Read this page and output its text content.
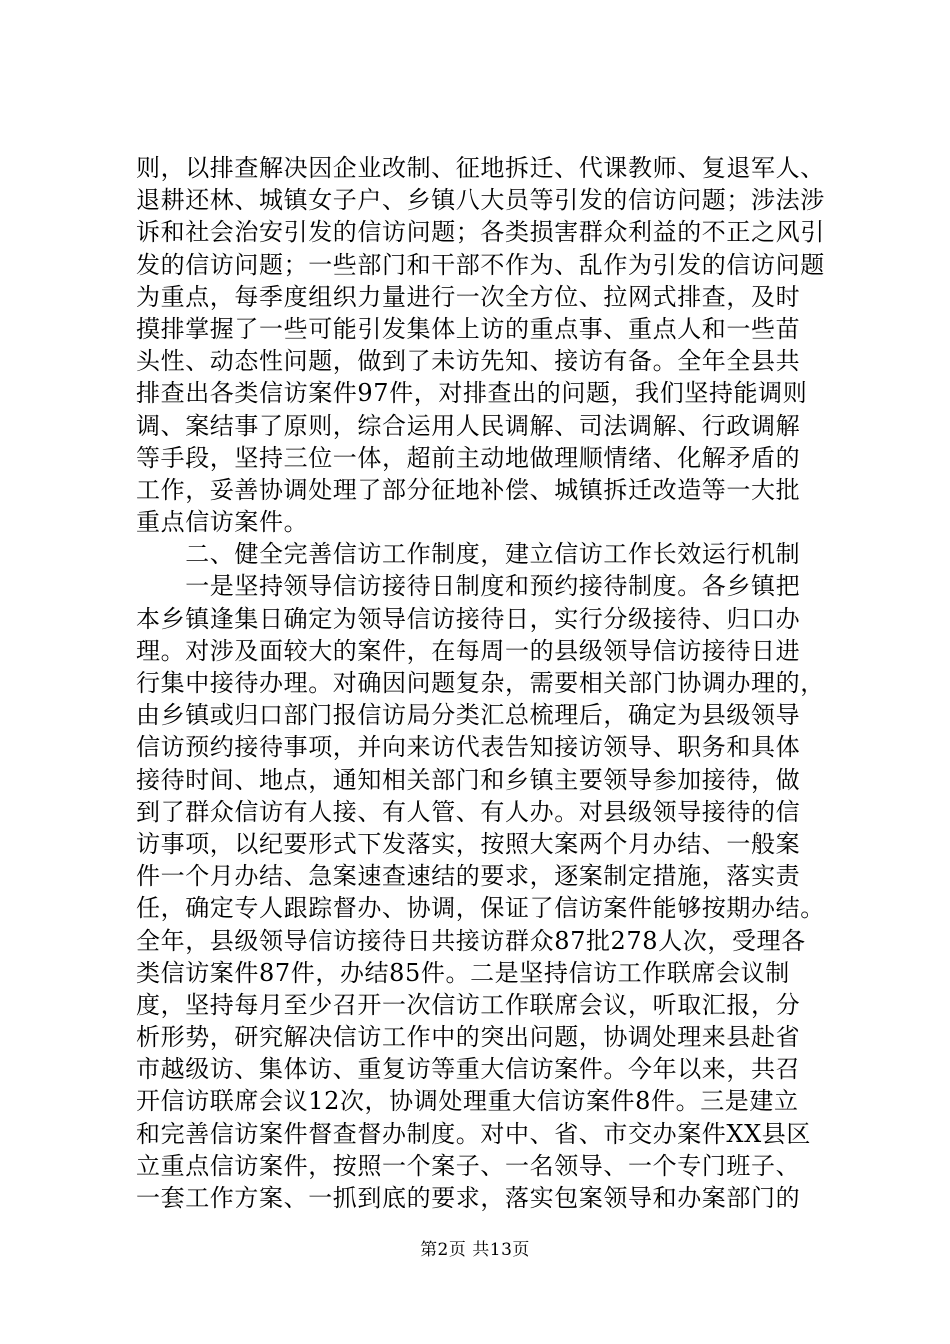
则，以排查解决因企业改制、征地拆迁、代课教师、复退军人、
退耕还林、城镇女子户、乡镇八大员等引发的信访问题；涉法涉
诉和社会治安引发的信访问题；各类损害群众利益的不正之风引
发的信访问题；一些部门和干部不作为、乱作为引发的信访问题
为重点，每季度组织力量进行一次全方位、拉网式排查，及时
摸排掌握了一些可能引发集体上访的重点事、重点人和一些苗
头性、动态性问题，做到了未访先知、接访有备。全年全县共
排查出各类信访案件97件，对排查出的问题，我们坚持能调则
调、案结事了原则，综合运用人民调解、司法调解、行政调解
等手段，坚持三位一体，超前主动地做理顺情绪、化解矛盾的
工作，妥善协调处理了部分征地补偿、城镇拆迁改造等一大批
重点信访案件。
　　二、健全完善信访工作制度，建立信访工作长效运行机制
　　一是坚持领导信访接待日制度和预约接待制度。各乡镇把
本乡镇逢集日确定为领导信访接待日，实行分级接待、归口办
理。对涉及面较大的案件，在每周一的县级领导信访接待日进
行集中接待办理。对确因问题复杂，需要相关部门协调办理的，
由乡镇或归口部门报信访局分类汇总梳理后，确定为县级领导
信访预约接待事项，并向来访代表告知接访领导、职务和具体
接待时间、地点，通知相关部门和乡镇主要领导参加接待，做
到了群众信访有人接、有人管、有人办。对县级领导接待的信
访事项，以纪要形式下发落实，按照大案两个月办结、一般案
件一个月办结、急案速查速结的要求，逐案制定措施，落实责
任，确定专人跟踪督办、协调，保证了信访案件能够按期办结。
全年，县级领导信访接待日共接访群众87批278人次，受理各
类信访案件87件，办结85件。二是坚持信访工作联席会议制
度，坚持每月至少召开一次信访工作联席会议，听取汇报，分
析形势，研究解决信访工作中的突出问题，协调处理来县赴省
市越级访、集体访、重复访等重大信访案件。今年以来，共召
开信访联席会议12次，协调处理重大信访案件8件。三是建立
和完善信访案件督查督办制度。对中、省、市交办案件XX县区
立重点信访案件，按照一个案子、一名领导、一个专门班子、
一套工作方案、一抓到底的要求，落实包案领导和办案部门的
第2页 共13页
